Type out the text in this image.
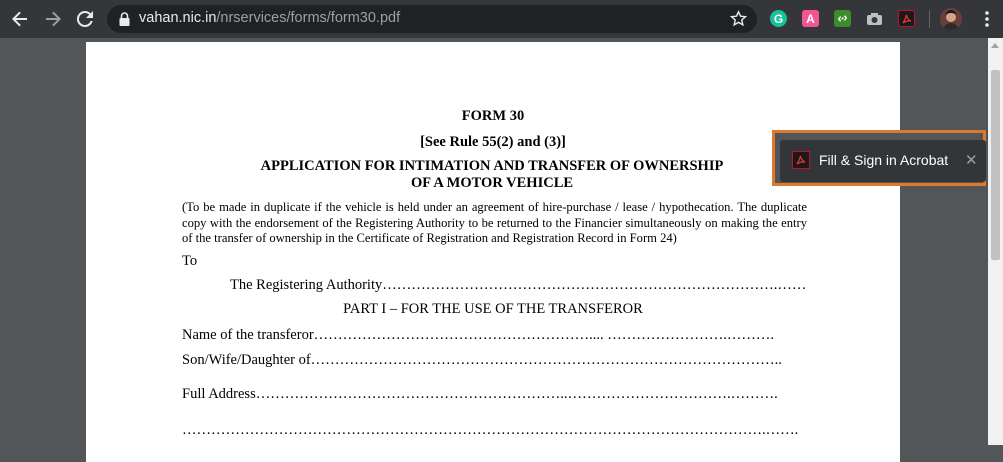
vahan.nic.in/nrservices/forms/form30.pdf	G A
FORM 30
[See Rule 55(2) and (3)]
APPLICATION FOR INTIMATION AND TRANSFER OF OWNERSHIP
OF A MOTOR VEHICLE
(To be made in duplicate if the vehicle is held under an agreement of hire-purchase / lease / hypothecation. The duplicate copy with the endorsement of the Registering Authority to be returned to the Financier simultaneously on making the entry of the transfer of ownership in the Certificate of Registration and Registration Record in Form 24)
To
The Registering Authority……………………………………………………………………….……
PART I – FOR THE USE OF THE TRANSFEROR
Name of the transferor………………………………………………….... …………………….……….
Son/Wife/Daughter of……………………………………………………………………………………..
Full Address………………………………………………………..…………………………….……….
………………………………………………………………………………………………………….…….
Fill & Sign in Acrobat ✕
